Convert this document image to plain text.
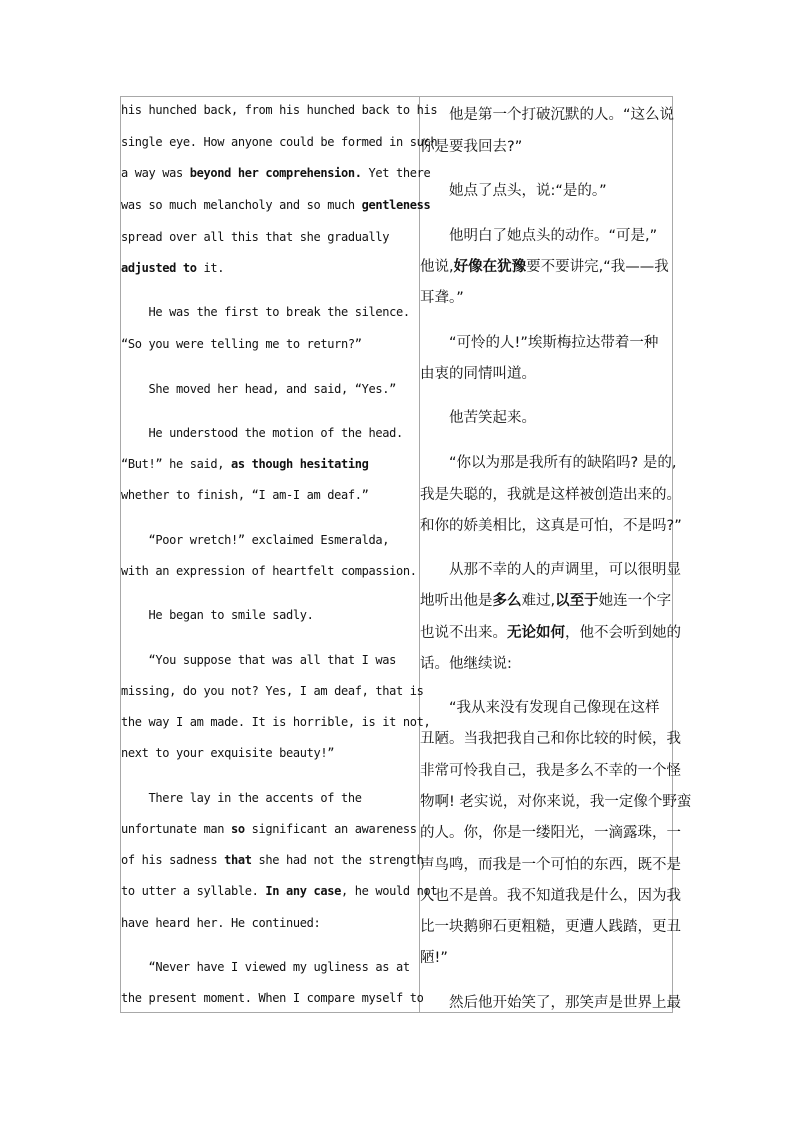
his hunched back, from his hunched back to his
single eye. How anyone could be formed in such
a way was beyond her comprehension. Yet there
was so much melancholy and so much gentleness
spread over all this that she gradually
adjusted to it.
He was the first to break the silence.
“So you were telling me to return?”
She moved her head, and said, “Yes.”
He understood the motion of the head.
“But!” he said, as though hesitating
whether to finish, “I am-I am deaf.”
“Poor wretch!” exclaimed Esmeralda,
with an expression of heartfelt compassion.
He began to smile sadly.
“You suppose that was all that I was
missing, do you not? Yes, I am deaf, that is
the way I am made. It is horrible, is it not,
next to your exquisite beauty!”
There lay in the accents of the
unfortunate man so significant an awareness
of his sadness that she had not the strength
to utter a syllable. In any case, he would not
have heard her. He continued:
“Never have I viewed my ugliness as at
the present moment. When I compare myself to
　　他是第一个打破沉默的人。“这么说
你是要我回去?”
　　她点了点头，说:“是的。”
　　他明白了她点头的动作。“可是,”
他说,好像在犹豫要不要讲完,“我——我
耳聋。”
　　“可怜的人!”埃斯梅拉达带着一种
由衷的同情叫道。
　　他苦笑起来。
　　“你以为那是我所有的缺陷吗? 是的,
我是失聪的，我就是这样被创造出来的。
和你的娇美相比，这真是可怕，不是吗?”
　　从那不幸的人的声调里，可以很明显
地听出他是多么难过,以至于她连一个字
也说不出来。无论如何，他不会听到她的
话。他继续说:
　　“我从来没有发现自己像现在这样
丑陋。当我把我自己和你比较的时候，我
非常可怜我自己，我是多么不幸的一个怪
物啊! 老实说，对你来说，我一定像个野蛮
的人。你，你是一缕阳光，一滴露珠，一
声鸟鸣，而我是一个可怕的东西，既不是
人也不是兽。我不知道我是什么，因为我
比一块鹅卵石更粗糙，更遭人践踏，更丑
陋!”
　　然后他开始笑了，那笑声是世界上最
